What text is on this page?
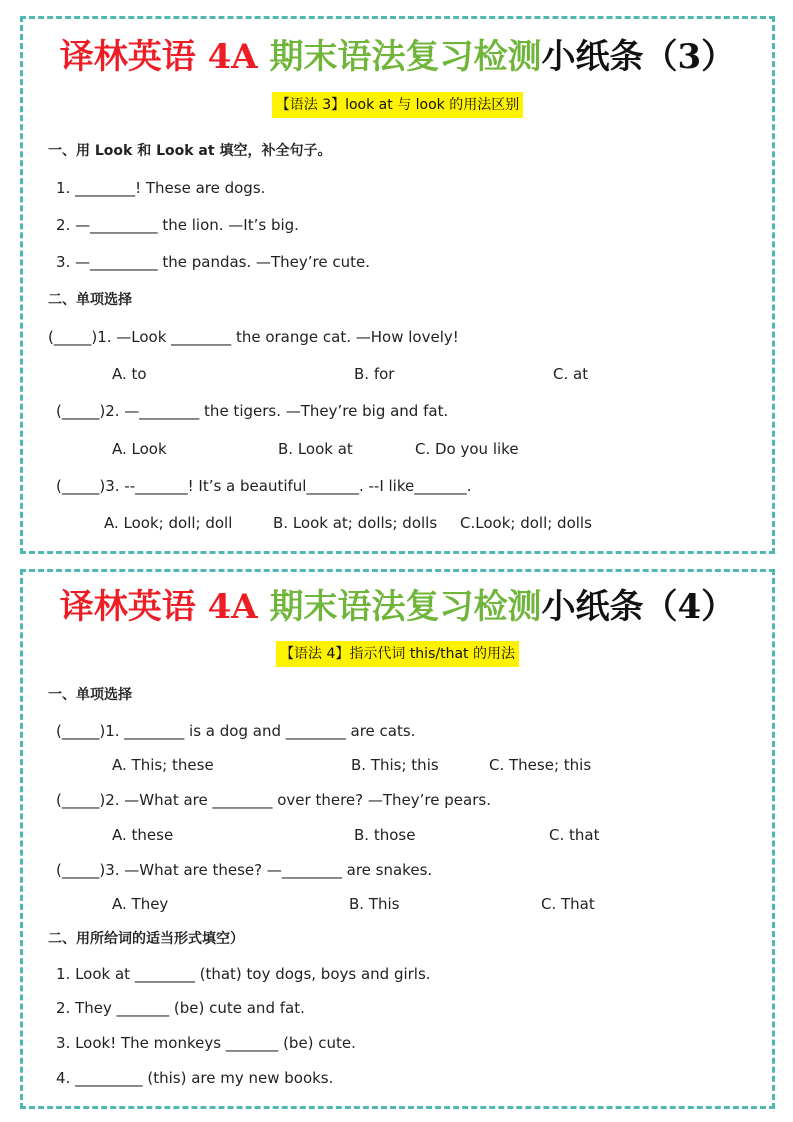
译林英语 4A 期末语法复习检测小纸条（3）
【语法 3】look at 与 look 的用法区别
一、用 Look 和 Look at 填空，补全句子。
1. ________! These are dogs.
2. —_________ the lion. —It’s big.
3. —_________ the pandas. —They’re cute.
二、单项选择
(_____)1. —Look ________ the orange cat. —How lovely!
A. to	B. for	C. at
(_____)2. —________ the tigers. —They’re big and fat.
A. Look	B. Look at	C. Do you like
(_____)3. --_______! It’s a beautiful_______. --I like_______.
A. Look; doll; doll	B. Look at; dolls; dolls C.Look; doll; dolls
译林英语 4A 期末语法复习检测小纸条（4）
【语法 4】指示代词 this/that 的用法
一、单项选择
(_____)1. ________ is a dog and ________ are cats.
A. This; these	B. This; this	C. These; this
(_____)2. —What are ________ over there? —They’re pears.
A. these	B. those	C. that
(_____)3. —What are these? —________ are snakes.
A. They	B. This	C. That
二、用所给词的适当形式填空）
1. Look at ________ (that) toy dogs, boys and girls.
2. They _______ (be) cute and fat.
3. Look! The monkeys _______ (be) cute.
4. _________ (this) are my new books.
